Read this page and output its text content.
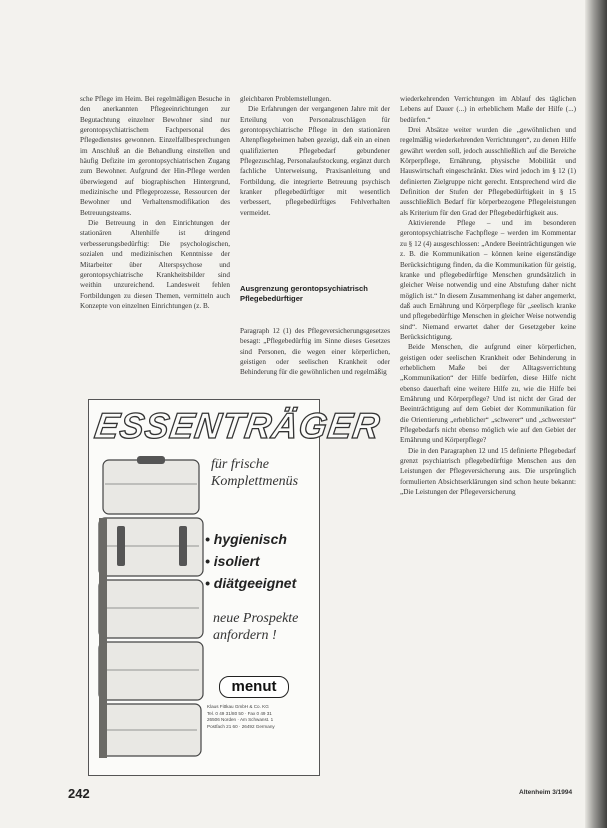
sche Pflege im Heim. Bei regelmäßigen Besuche in den anerkannten Pflegeeinrichtungen zur Begutachtung einzelner Bewohner sind nur gerontopsychiatrischem Fachpersonal des Pflegedienstes gewonnen. Einzelfallbesprechungen im Anschluß an die Behandlung einstellen und häufig Defizite im gerontopsychiatrischen Zugang zum Bewohner. Aufgrund der Hin-Pflege werden überwiegend auf biographischen Hintergrund, medizinische und Pflegeprozesse, Ressourcen der Bewohner und Verhaltensmodifikation des Betreuungsteams.

Die Betreuung in den Einrichtungen der stationären Altenhilfe ist dringend verbesserungsbedürftig: Die psychologischen, sozialen und medizinischen Kenntnisse der Mitarbeiter über Alterspsychose und gerontopsychiatrische Krankheitsbilder sind weithin unzureichend. Landesweit fehlen Fortbildungen zu diesen Themen, vermitteln auch Konzepte von einzelnen Einrichtungen (z. B.

gleichbaren Problemstellungen.

Die Erfahrungen der vergangenen Jahre mit der Erteilung von Personalzuschlägen für gerontopsychiatrische Pflege in den stationären Altenpflegeheimen haben gezeigt, daß ein an einen qualifizierten Pflegebedarf gebundener Pflegezuschlag, Personalaufstockung, ergänzt durch fachliche Unterweisung, Praxisanleitung und Fortbildung, die integrierte Betreuung psychisch kranker pflegebedürftiger mit wesentlich verbessert, pflegebedürftiges Fehlverhalten vermeidet.

Ausgrenzung gerontopsychiatrisch Pflegebedürftiger

Paragraph 12 (1) des Pflegeversicherungsgesetzes besagt: „Pflegebedürftig im Sinne dieses Gesetzes sind Personen, die wegen einer körperlichen, geistigen oder seelischen Krankheit oder Behinderung für die gewöhnlichen und regelmäßig

wiederkehrenden Verrichtungen im Ablauf des täglichen Lebens auf Dauer (...) in erheblichem Maße der Hilfe (...) bedürfen.“

Drei Absätze weiter wurden die „gewöhnlichen und regelmäßig wiederkehrenden Verrichtungen“, zu denen Hilfe gewährt werden soll, jedoch ausschließlich auf die Bereiche Körperpflege, Ernährung, physische Mobilität und Hauswirtschaft eingeschränkt. Dies wird jedoch im § 12 (1) definierten Zielgruppe nicht gerecht. Entsprechend wird die Definition der Stufen der Pflegebedürftigkeit in § 15 ausschließlich Bedarf für körperbezogene Pflegeleistungen als Kriterium für den Grad der Pflegebedürftigkeit aus.

Aktivierende Pflege – und im besonderen gerontopsychiatrische Fachpflege – werden im Kommentar zu § 12 (4) ausgeschlossen: „Andere Beeinträchtigungen wie z. B. die Kommunikation – können keine eigenständige Berücksichtigung finden, da die Kommunikation für geistig, kranke und pflegebedürftige Menschen grundsätzlich in gleicher Weise notwendig und eine Abstufung daher nicht möglich ist.“ In diesem Zusammenhang ist daher angemerkt, daß auch Ernährung und Körperpflege für „seelisch kranke und pflegebedürftige Menschen in gleicher Weise notwendig sind“. Niemand erwartet daher der Gesetzgeber keine Berücksichtigung.

Beide Menschen, die aufgrund einer körperlichen, geistigen oder seelischen Krankheit oder Behinderung in erheblichem Maße bei der Alltagsverrichtung „Kommunikation“ der Hilfe bedürfen, diese Hilfe nicht ebenso dauerhaft eine weitere Hilfe zu, wie die Hilfe bei Ernährung und Körperpflege? Und ist nicht der Grad der Beeinträchtigung auf dem Gebiet der Kommunikation für die Orientierung „erheblicher“ „schwerer“ und „schwerster“ Pflegebedarfs nicht ebenso möglich wie auf den Gebiet der Ernährung und Körperpflege?

Die in den Paragraphen 12 und 15 definierte Pflegebedarf grenzt psychiatrisch pflegebedürftige Menschen aus den Leistungen der Pflegeversicherung aus. Die ursprünglich formulierten Absichtserklärungen sind schon heute bekannt: „Die Leistungen der Pflegeversicherung

ESSENTRÄGER
für frische
Komplettmenüs
• hygienisch
• isoliert
• diätgeeignet
neue Prospekte
anfordern !
menut
Klaus Fittkau GmbH & Co. KG
Tel. 0 49 31/80 50 · Fax 0 49 31
26506 Norden · Am Schwanst. 1
Postfach 21 60 · 26492 Germany
242	Altenheim 3/1994
